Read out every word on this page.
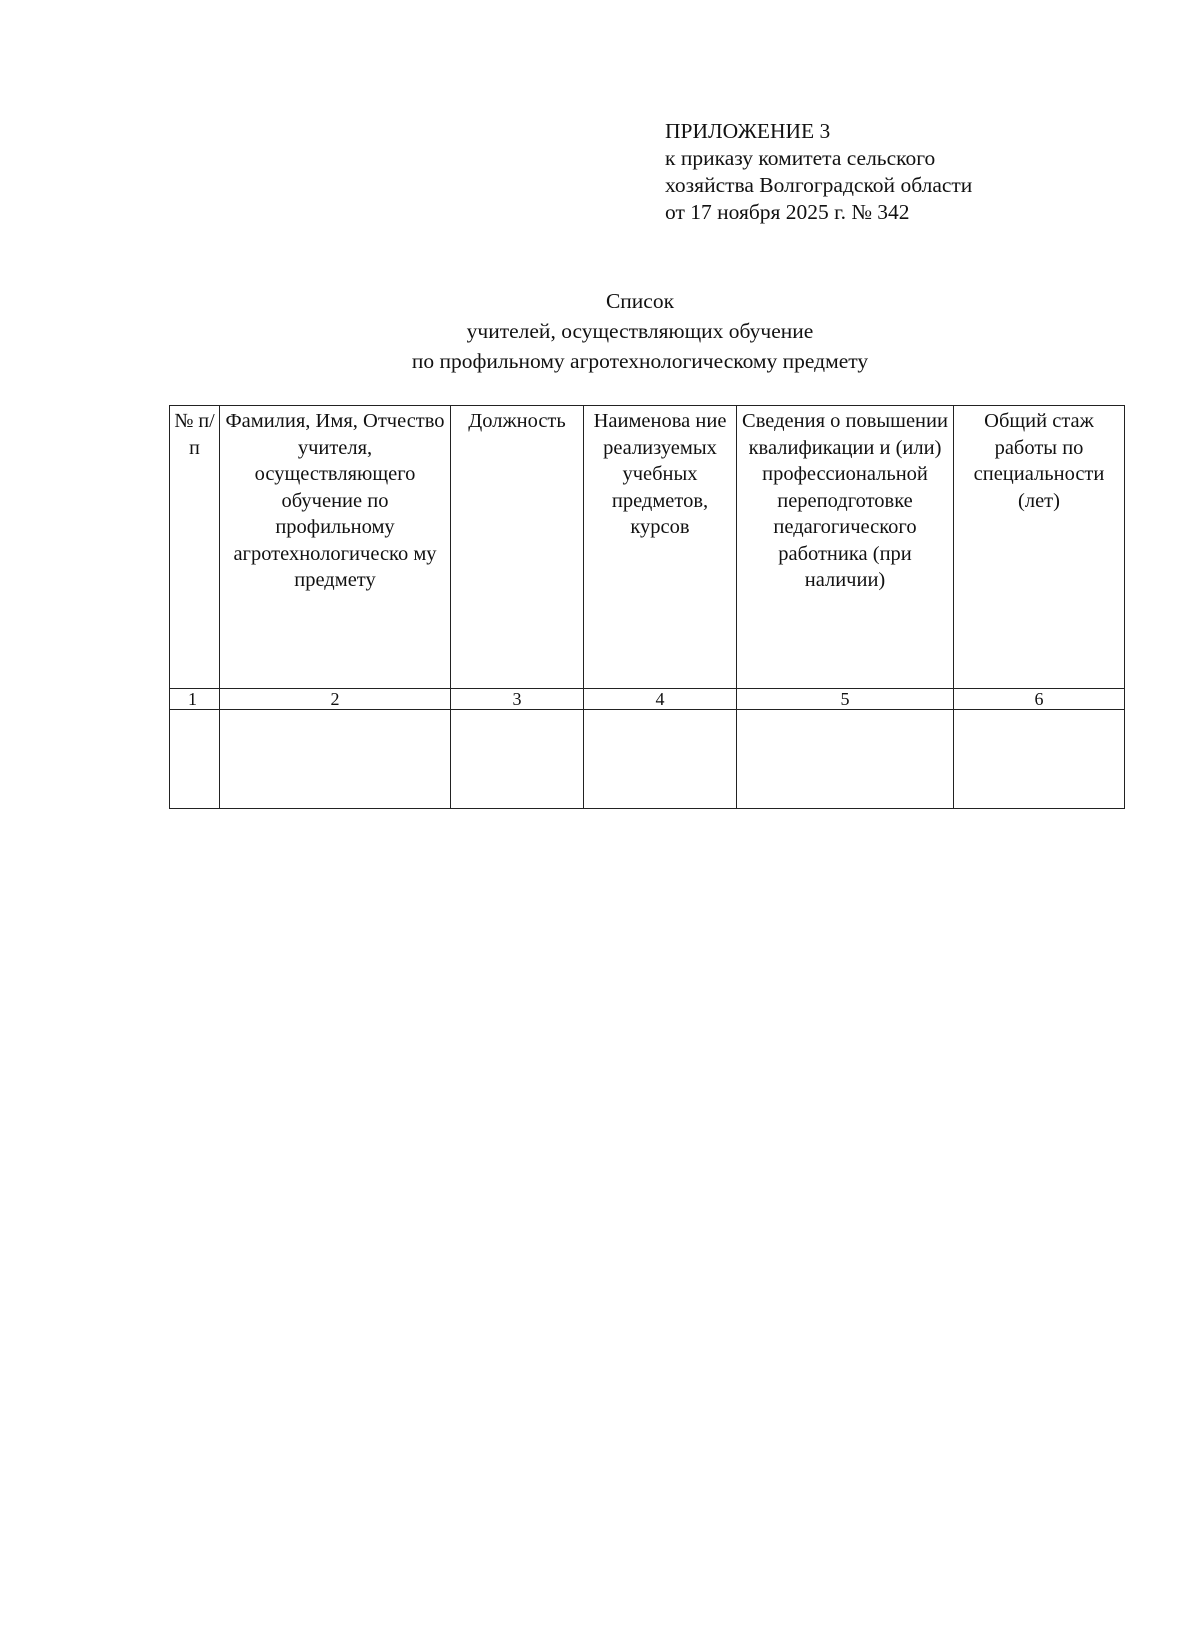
ПРИЛОЖЕНИЕ 3
к приказу комитета сельского
хозяйства Волгоградской области
от 17 ноября 2025 г. № 342
Список
учителей, осуществляющих обучение
по профильному агротехнологическому предмету
№ п/ п	Фамилия, Имя, Отчество учителя, осуществляющего обучение по профильному агротехнологическо му предмету	Должность	Наименова ние реализуемых учебных предметов, курсов	Сведения о повышении квалификации и (или) профессиональной переподготовке педагогического работника (при наличии)	Общий стаж работы по специальности (лет)

1	2	3	4	5	6
